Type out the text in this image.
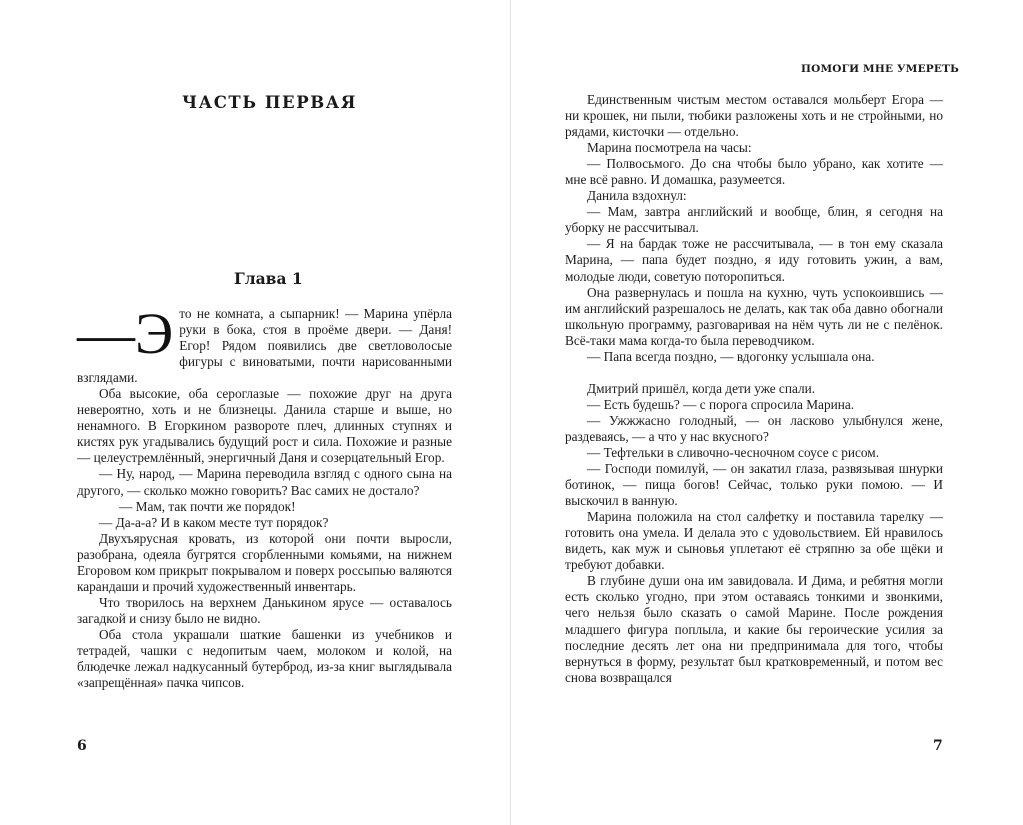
ЧАСТЬ ПЕРВАЯ
Глава 1

—Э то не комната, а сыпарник! — Марина упёрла руки в бока, стоя в проёме двери. — Даня! Егор! Рядом появились две светловолосые фигуры с виноватыми, почти нарисованными взглядами.

Оба высокие, оба сероглазые — похожие друг на друга невероятно, хоть и не близнецы. Данила старше и выше, но ненамного. В Егоркином развороте плеч, длинных ступнях и кистях рук угадывались будущий рост и сила. Похожие и разные — целеустремлённый, энергичный Даня и созерцательный Егор.

— Ну, народ, — Марина переводила взгляд с одного сына на другого, — сколько можно говорить? Вас самих не достало?

— Мам, так почти же порядок!

— Да-а-а? И в каком месте тут порядок?

Двухъярусная кровать, из которой они почти выросли, разобрана, одеяла бугрятся сгорбленными комьями, на нижнем Егоровом ком прикрыт покрывалом и поверх россыпью валяются карандаши и прочий художественный инвентарь.

Что творилось на верхнем Данькином ярусе — оставалось загадкой и снизу было не видно.

Оба стола украшали шаткие башенки из учебников и тетрадей, чашки с недопитым чаем, молоком и колой, на блюдечке лежал надкусанный бутерброд, из-за книг выглядывала «запрещённая» пачка чипсов.

6
ПОМОГИ МНЕ УМЕРЕТЬ

Единственным чистым местом оставался мольберт Егора — ни крошек, ни пыли, тюбики разложены хоть и не стройными, но рядами, кисточки — отдельно.

Марина посмотрела на часы:

— Полвосьмого. До сна чтобы было убрано, как хотите — мне всё равно. И домашка, разумеется.

Данила вздохнул:

— Мам, завтра английский и вообще, блин, я сегодня на уборку не рассчитывал.

— Я на бардак тоже не рассчитывала, — в тон ему сказала Марина, — папа будет поздно, я иду готовить ужин, а вам, молодые люди, советую поторопиться.

Она развернулась и пошла на кухню, чуть успокоившись — им английский разрешалось не делать, как так оба давно обогнали школьную программу, разговаривая на нём чуть ли не с пелёнок. Всё-таки мама когда-то была переводчиком.

— Папа всегда поздно, — вдогонку услышала она.

Дмитрий пришёл, когда дети уже спали.

— Есть будешь? — с порога спросила Марина.

— Ужжжасно голодный, — он ласково улыбнулся жене, раздеваясь, — а что у нас вкусного?

— Тефтельки в сливочно-чесночном соусе с рисом.

— Господи помилуй, — он закатил глаза, развязывая шнурки ботинок, — пища богов! Сейчас, только руки помою. — И выскочил в ванную.

Марина положила на стол салфетку и поставила тарелку — готовить она умела. И делала это с удовольствием. Ей нравилось видеть, как муж и сыновья уплетают её стряпню за обе щёки и требуют добавки.

В глубине души она им завидовала. И Дима, и ребятня могли есть сколько угодно, при этом оставаясь тонкими и звонкими, чего нельзя было сказать о самой Марине. После рождения младшего фигура поплыла, и какие бы героические усилия за последние десять лет она ни предпринимала для того, чтобы вернуться в форму, результат был кратковременный, и потом вес снова возвращался

7
